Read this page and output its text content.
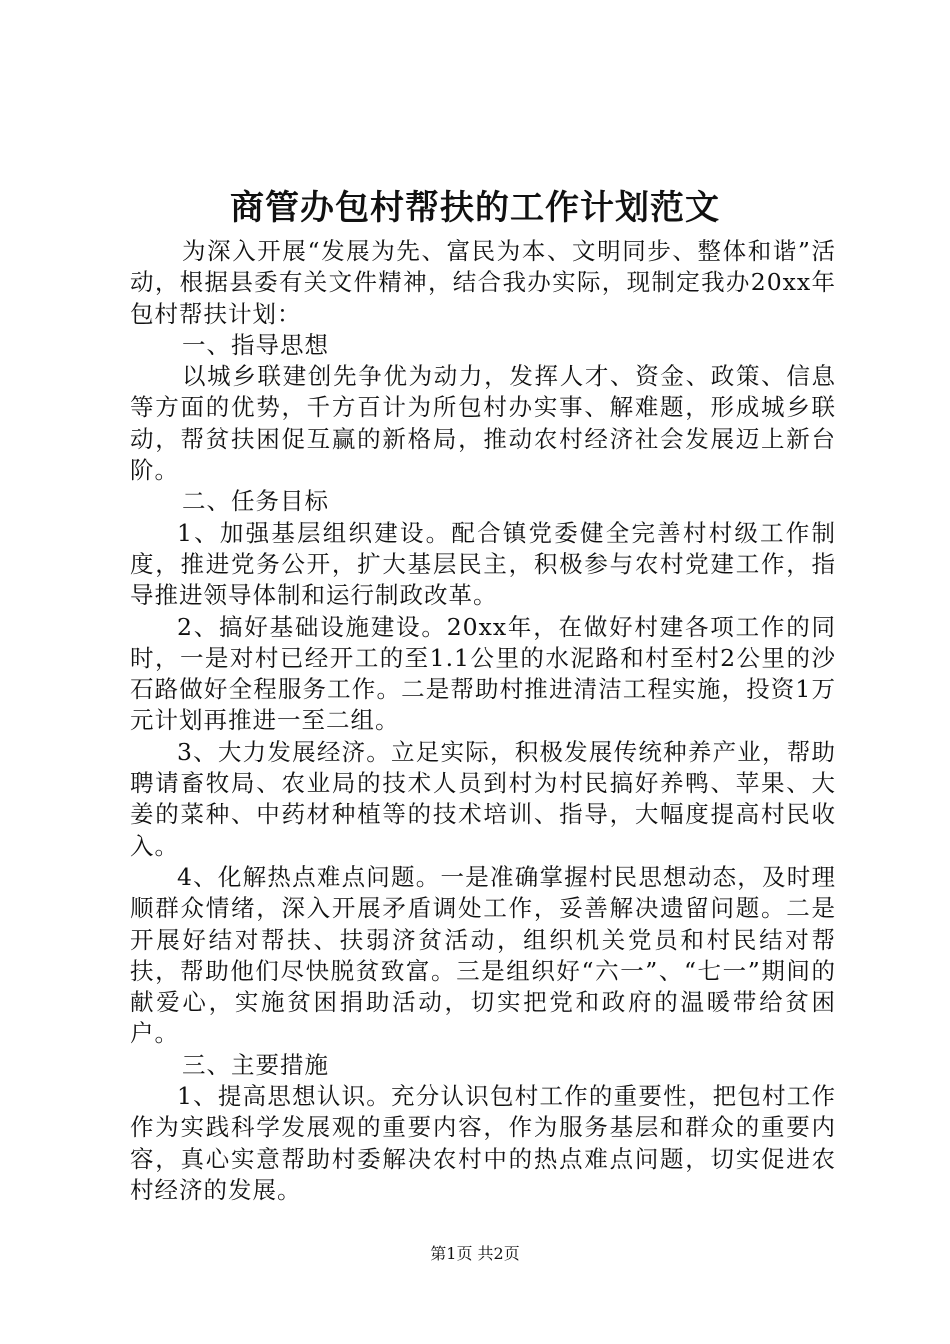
商管办包村帮扶的工作计划范文

为深入开展“发展为先、富民为本、文明同步、整体和谐”活动，根据县委有关文件精神，结合我办实际，现制定我办20xx年包村帮扶计划：

一、指导思想

以城乡联建创先争优为动力，发挥人才、资金、政策、信息等方面的优势，千方百计为所包村办实事、解难题，形成城乡联动，帮贫扶困促互赢的新格局，推动农村经济社会发展迈上新台阶。

二、任务目标

1、加强基层组织建设。配合镇党委健全完善村村级工作制度，推进党务公开，扩大基层民主，积极参与农村党建工作，指导推进领导体制和运行制政改革。

2、搞好基础设施建设。20xx年，在做好村建各项工作的同时，一是对村已经开工的至1.1公里的水泥路和村至村2公里的沙石路做好全程服务工作。二是帮助村推进清洁工程实施，投资1万元计划再推进一至二组。

3、大力发展经济。立足实际，积极发展传统种养产业，帮助聘请畜牧局、农业局的技术人员到村为村民搞好养鸭、苹果、大姜的菜种、中药材种植等的技术培训、指导，大幅度提高村民收入。

4、化解热点难点问题。一是准确掌握村民思想动态，及时理顺群众情绪，深入开展矛盾调处工作，妥善解决遗留问题。二是开展好结对帮扶、扶弱济贫活动，组织机关党员和村民结对帮扶，帮助他们尽快脱贫致富。三是组织好“六一”、“七一”期间的献爱心，实施贫困捐助活动，切实把党和政府的温暖带给贫困户。

三、主要措施

1、提高思想认识。充分认识包村工作的重要性，把包村工作作为实践科学发展观的重要内容，作为服务基层和群众的重要内容，真心实意帮助村委解决农村中的热点难点问题，切实促进农村经济的发展。

第1页 共2页
